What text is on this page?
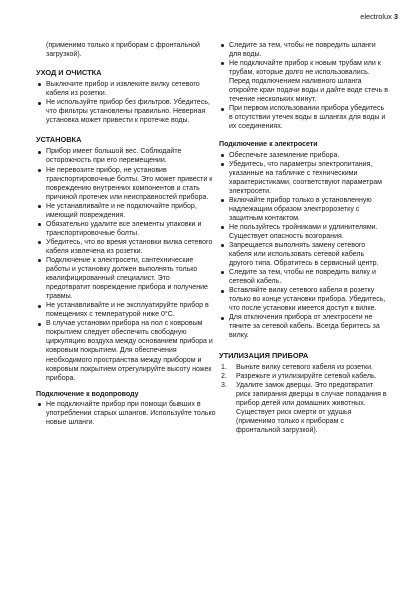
electrolux 3

(применимо только к приборам с фронтальной загрузкой).

УХОД И ОЧИСТКА

Выключите прибор и извлеките вилку сетевого кабеля из розетки.
Не используйте прибор без фильтров. Убедитесь, что фильтры установлены правильно. Неверная установка может привести к протечке воды.

УСТАНОВКА

Прибор имеет большой вес. Соблюдайте осторожность при его перемещении.
Не перевозите прибор, не установив транспортировочные болты. Это может привести к повреждению внутренних компонентов и стать причиной протечек или неисправностей прибора.
Не устанавливайте и не подключайте прибор, имеющий повреждения.
Обязательно удалите все элементы упаковки и транспортировочные болты.
Убедитесь, что во время установки вилка сетевого кабеля извлечена из розетки.
Подключение к электросети, сантехнические работы и установку должен выполнять только квалифицированный специалист. Это предотвратит повреждение прибора и получение травмы.
Не устанавливайте и не эксплуатируйте прибор в помещениях с температурой ниже 0°C.
В случае установки прибора на пол с ковровым покрытием следует обеспечить свободную циркуляцию воздуха между основанием прибора и ковровым покрытием. Для обеспечения необходимого пространства между прибором и ковровым покрытием отрегулируйте высоту ножек прибора.

Подключение к водопроводу

Не подключайте прибор при помощи бывших в употреблении старых шлангов. Используйте только новые шланги.
Следите за тем, чтобы не повредить шланги для воды.
Не подключайте прибор к новым трубам или к трубам, которые долго не использовались. Перед подключением наливного шланга откройте кран подачи воды и дайте воде стечь в течение нескольких минут.
При первом использовании прибора убедитесь в отсутствии утечек воды в шлангах для воды и их соединениях.

Подключение к электросети

Обеспечьте заземление прибора.
Убедитесь, что параметры электропитания, указанные на табличке с техническими характеристиками, соответствуют параметрам электросети.
Включайте прибор только в установленную надлежащим образом электророзетку с защитным контактом.
Не пользуйтесь тройниками и удлинителями. Существует опасность возгорания.
Запрещается выполнять замену сетевого кабеля или использовать сетевой кабель другого типа. Обратитесь в сервисный центр.
Следите за тем, чтобы не повредить вилку и сетевой кабель.
Вставляйте вилку сетевого кабеля в розетку только во конце установки прибора. Убедитесь, что после установки имеется доступ к вилке.
Для отключения прибора от электросети не тяните за сетевой кабель. Всегда беритесь за вилку.

УТИЛИЗАЦИЯ ПРИБОРА

1. Выньте вилку сетевого кабеля из розетки.
2. Разрежьте и утилизируйте сетевой кабель.
3. Удалите замок дверцы. Это предотвратит риск запирания дверцы в случае попадания в прибор детей или домашних животных. Существует риск смерти от удушья (применимо только к приборам с фронтальной загрузкой).
